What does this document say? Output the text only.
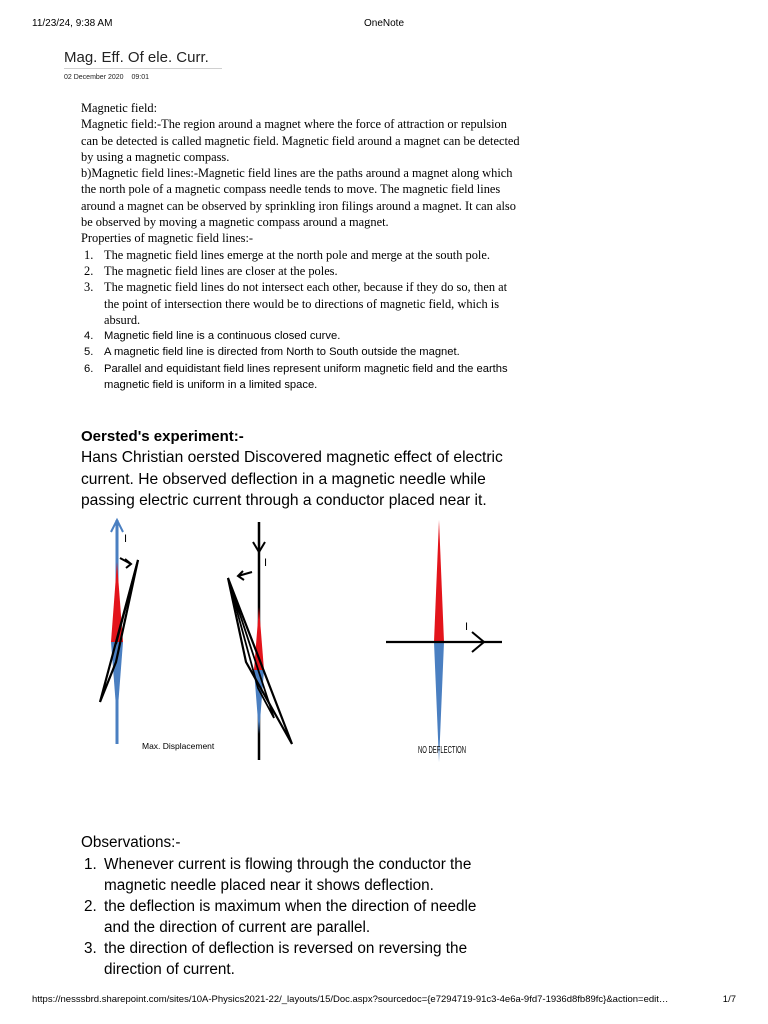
11/23/24, 9:38 AM	OneNote
Mag. Eff. Of ele. Curr.
02 December 2020 09:01

Magnetic field:

Magnetic field:-The region around a magnet where the force of attraction or repulsion can be detected is called magnetic field. Magnetic field around a magnet can be detected by using a magnetic compass.

b)Magnetic field lines:-Magnetic field lines are the paths around a magnet along which the north pole of a magnetic compass needle tends to move. The magnetic field lines around a magnet can be observed by sprinkling iron filings around a magnet. It can also be observed by moving a magnetic compass around a magnet.

Properties of magnetic field lines:-

1. The magnetic field lines emerge at the north pole and merge at the south pole.
2. The magnetic field lines are closer at the poles.
3. The magnetic field lines do not intersect each other, because if they do so, then at the point of intersection there would be to directions of magnetic field, which is absurd.
4. Magnetic field line is a continuous closed curve.
5. A magnetic field line is directed from North to South outside the magnet.
6. Parallel and equidistant field lines represent uniform magnetic field and the earths magnetic field is uniform in a limited space.
Oersted's experiment:-

Hans Christian oersted Discovered magnetic effect of electric current. He observed deflection in a magnetic needle while passing electric current through a conductor placed near it.

I
Max. Displacement
I
I
NO DEFLECTION

Observations:-

1. Whenever current is flowing through the conductor the magnetic needle placed near it shows deflection.
2. the deflection is maximum when the direction of needle and the direction of current are parallel.
3. the direction of deflection is reversed on reversing the direction of current.
https://nesssbrd.sharepoint.com/sites/10A-Physics2021-22/_layouts/15/Doc.aspx?sourcedoc={e7294719-91c3-4e6a-9fd7-1936d8fb89fc}&action=edit…	1/7
